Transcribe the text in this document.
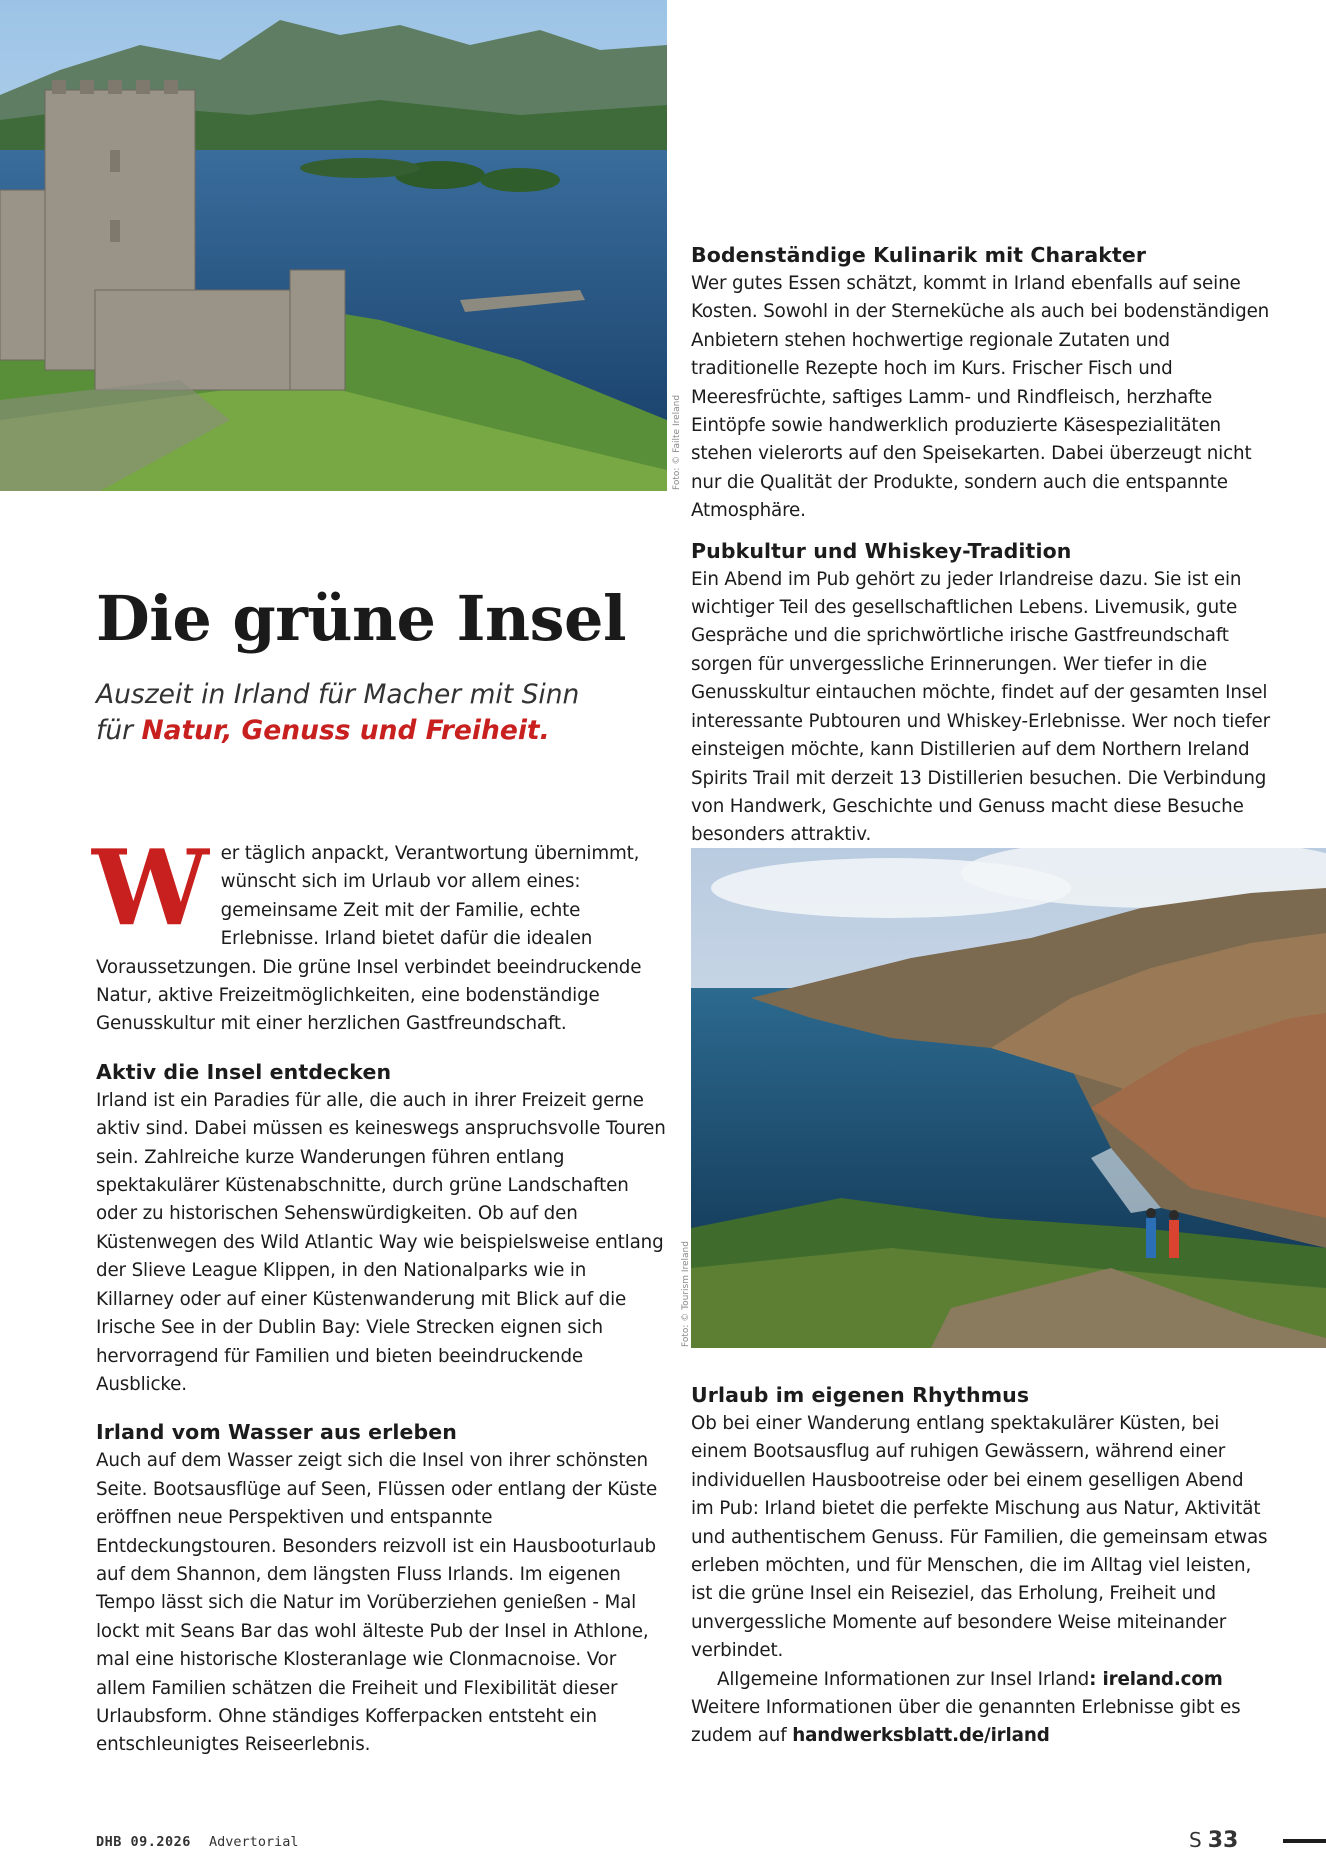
Foto: © Failte Ireland
Bodenständige Kulinarik mit Charakter

Wer gutes Essen schätzt, kommt in Irland ebenfalls auf seine Kosten. Sowohl in der Sterneküche als auch bei bodenständigen Anbietern stehen hochwertige regionale Zutaten und traditionelle Rezepte hoch im Kurs. Frischer Fisch und Meeresfrüchte, saftiges Lamm- und Rindfleisch, herzhafte Eintöpfe sowie handwerklich produzierte Käsespezialitäten stehen vielerorts auf den Speisekarten. Dabei überzeugt nicht nur die Qualität der Produkte, sondern auch die entspannte Atmosphäre.

Pubkultur und Whiskey-Tradition

Ein Abend im Pub gehört zu jeder Irlandreise dazu. Sie ist ein wichtiger Teil des gesellschaftlichen Lebens. Livemusik, gute Gespräche und die sprichwörtliche irische Gastfreundschaft sorgen für unvergessliche Erinnerungen. Wer tiefer in die Genusskultur eintauchen möchte, findet auf der gesamten Insel interessante Pubtouren und Whiskey-Erlebnisse. Wer noch tiefer einsteigen möchte, kann Distillerien auf dem Northern Ireland Spirits Trail mit derzeit 13 Distillerien besuchen. Die Verbindung von Handwerk, Geschichte und Genuss macht diese Besuche besonders attraktiv.

Die grüne Insel
Auszeit in Irland für Macher mit Sinn
für Natur, Genuss und Freiheit.

Wer täglich anpackt, Verantwortung übernimmt, wünscht sich im Urlaub vor allem eines: gemeinsame Zeit mit der Familie, echte Erlebnisse. Irland bietet dafür die idealen Voraussetzungen. Die grüne Insel verbindet beeindruckende Natur, aktive Freizeitmöglichkeiten, eine bodenständige Genusskultur mit einer herzlichen Gastfreundschaft.

Aktiv die Insel entdecken

Irland ist ein Paradies für alle, die auch in ihrer Freizeit gerne aktiv sind. Dabei müssen es keineswegs anspruchsvolle Touren sein. Zahlreiche kurze Wanderungen führen entlang spektakulärer Küstenabschnitte, durch grüne Landschaften oder zu historischen Sehenswürdigkeiten. Ob auf den Küstenwegen des Wild Atlantic Way wie beispielsweise entlang der Slieve League Klippen, in den Nationalparks wie in Killarney oder auf einer Küstenwanderung mit Blick auf die Irische See in der Dublin Bay: Viele Strecken eignen sich hervorragend für Familien und bieten beeindruckende Ausblicke.

Irland vom Wasser aus erleben

Auch auf dem Wasser zeigt sich die Insel von ihrer schönsten Seite. Bootsausflüge auf Seen, Flüssen oder entlang der Küste eröffnen neue Perspektiven und entspannte Entdeckungstouren. Besonders reizvoll ist ein Hausbooturlaub auf dem Shannon, dem längsten Fluss Irlands. Im eigenen Tempo lässt sich die Natur im Vorüberziehen genießen - Mal lockt mit Seans Bar das wohl älteste Pub der Insel in Athlone, mal eine historische Klosteranlage wie Clonmacnoise. Vor allem Familien schätzen die Freiheit und Flexibilität dieser Urlaubsform. Ohne ständiges Kofferpacken entsteht ein entschleunigtes Reiseerlebnis.

Foto: © Tourism Ireland
Urlaub im eigenen Rhythmus

Ob bei einer Wanderung entlang spektakulärer Küsten, bei einem Bootsausflug auf ruhigen Gewässern, während einer individuellen Hausbootreise oder bei einem geselligen Abend im Pub: Irland bietet die perfekte Mischung aus Natur, Aktivität und authentischem Genuss. Für Familien, die gemeinsam etwas erleben möchten, und für Menschen, die im Alltag viel leisten, ist die grüne Insel ein Reiseziel, das Erholung, Freiheit und unvergessliche Momente auf besondere Weise miteinander verbindet.

Allgemeine Informationen zur Insel Irland: ireland.com

Weitere Informationen über die genannten Erlebnisse gibt es zudem auf handwerksblatt.de/irland

DHB 09.2026 Advertorial	S 33
